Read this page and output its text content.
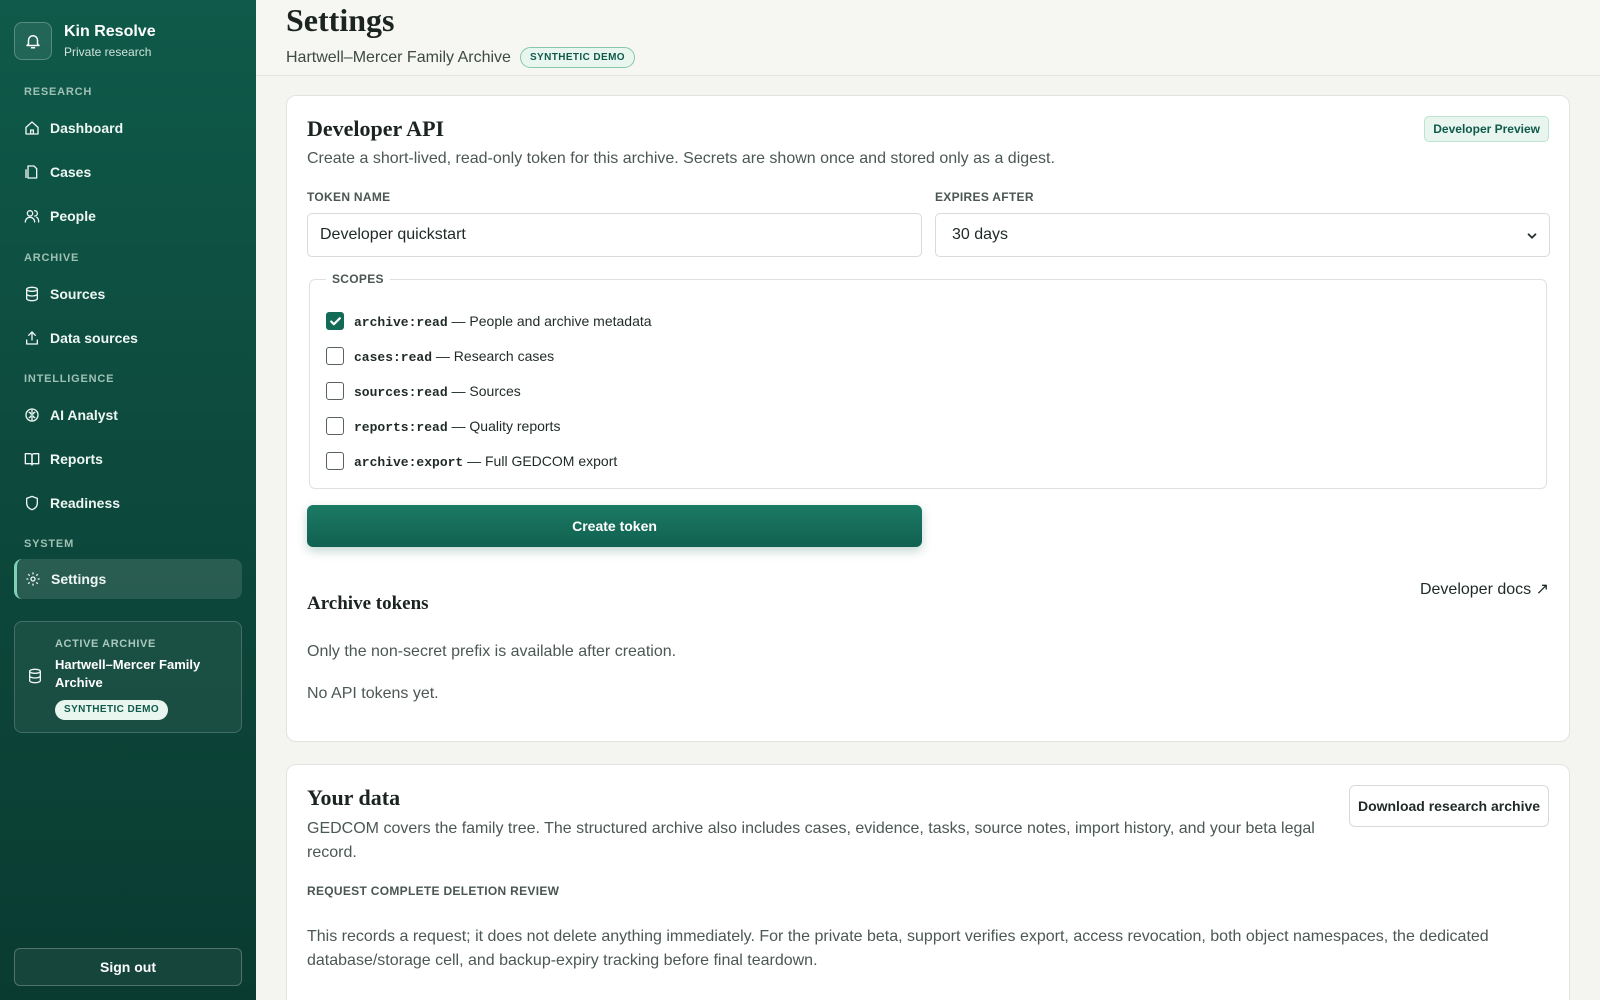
Kin Resolve
Private research
RESEARCH
Dashboard
Cases
People
ARCHIVE
Sources
Data sources
INTELLIGENCE
AI Analyst
Reports
Readiness
SYSTEM
Settings
ACTIVE ARCHIVE
Hartwell–Mercer Family Archive
SYNTHETIC DEMO
Sign out
Settings
Hartwell–Mercer Family Archive	SYNTHETIC DEMO
Developer API	Developer Preview

Create a short-lived, read-only token for this archive. Secrets are shown once and stored only as a digest.

TOKEN NAME
Developer quickstart
EXPIRES AFTER
30 days
SCOPES
archive:read — People and archive metadata
cases:read — Research cases
sources:read — Sources
reports:read — Quality reports
archive:export — Full GEDCOM export
Create token
Developer docs ↗
Archive tokens

Only the non-secret prefix is available after creation.

No API tokens yet.

Your data	Download research archive

GEDCOM covers the family tree. The structured archive also includes cases, evidence, tasks, source notes, import history, and your beta legal record.

REQUEST COMPLETE DELETION REVIEW

This records a request; it does not delete anything immediately. For the private beta, support verifies export, access revocation, both object namespaces, the dedicated database/storage cell, and backup-expiry tracking before final teardown.
